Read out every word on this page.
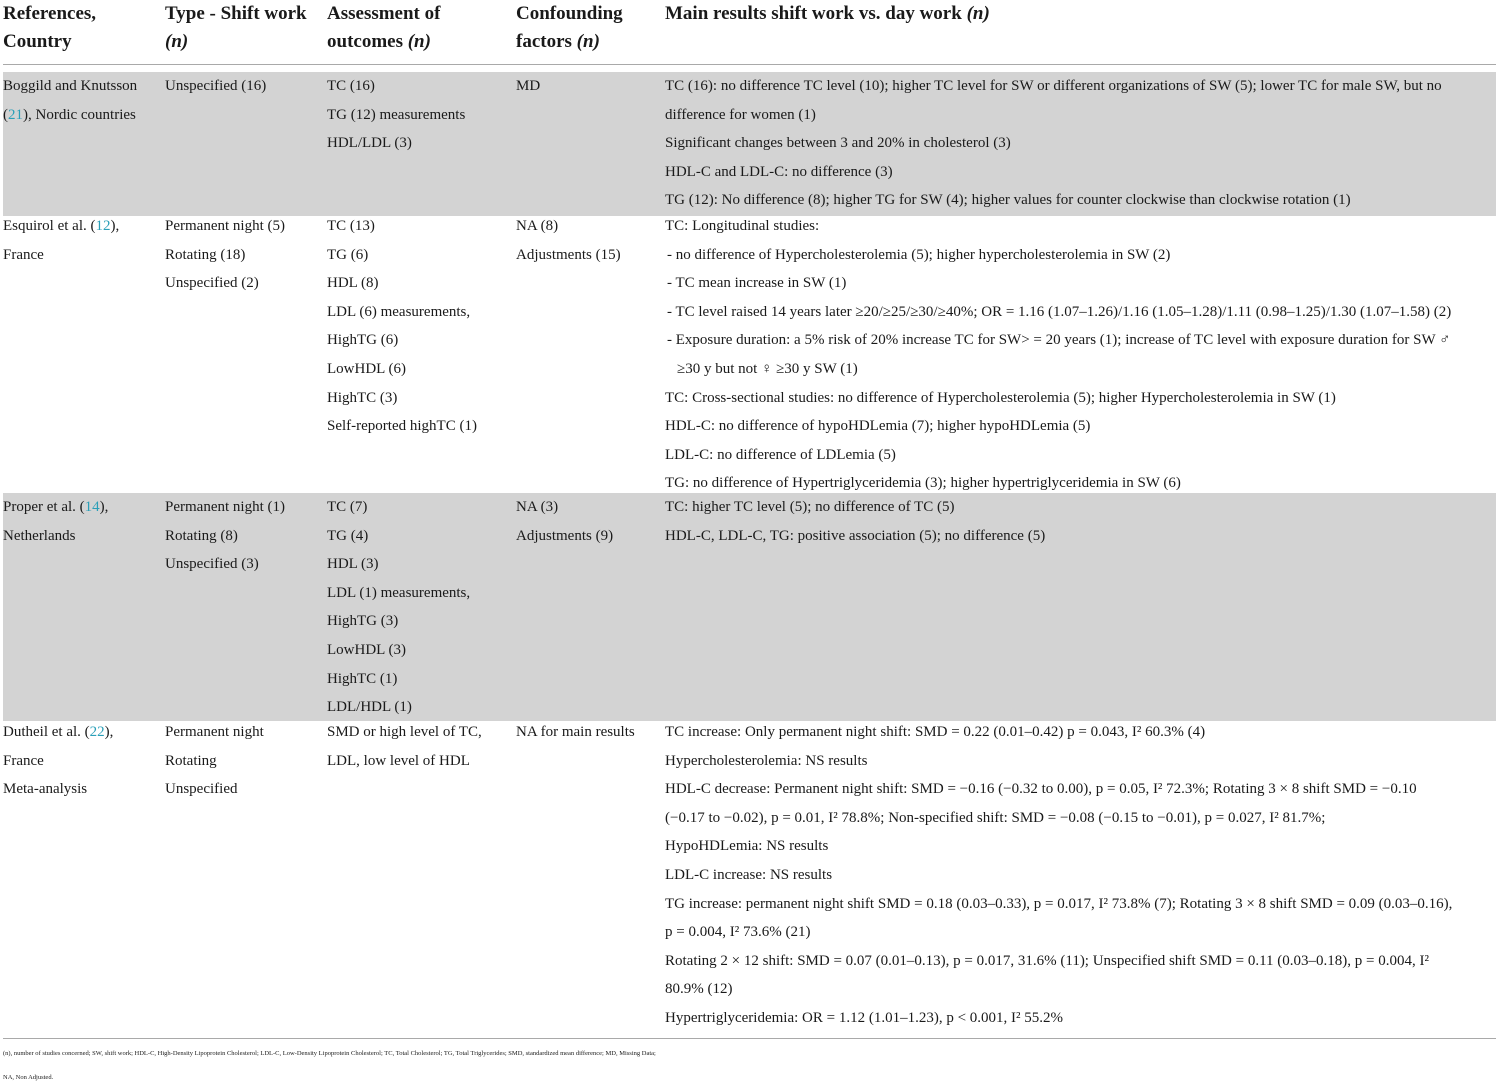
References,
Country
Type - Shift work
(n)
Assessment of
outcomes (n)
Confounding
factors (n)
Main results shift work vs. day work (n)
Boggild and Knutsson
(21), Nordic countries
Unspecified (16)	TC (16)
TG (12) measurements
HDL/LDL (3)
MD	TC (16): no difference TC level (10); higher TC level for SW or different organizations of SW (5); lower TC for male SW, but no
difference for women (1)
Significant changes between 3 and 20% in cholesterol (3)
HDL-C and LDL-C: no difference (3)
TG (12): No difference (8); higher TG for SW (4); higher values for counter clockwise than clockwise rotation (1)
Esquirol et al. (12),
France
Permanent night (5)
Rotating (18)
Unspecified (2)
TC (13)
TG (6)
HDL (8)
LDL (6) measurements,
HighTG (6)
LowHDL (6)
HighTC (3)
Self-reported highTC (1)
NA (8)
Adjustments (15)
TC: Longitudinal studies:
- no difference of Hypercholesterolemia (5); higher hypercholesterolemia in SW (2)
- TC mean increase in SW (1)
- TC level raised 14 years later ≥20/≥25/≥30/≥40%; OR = 1.16 (1.07–1.26)/1.16 (1.05–1.28)/1.11 (0.98–1.25)/1.30 (1.07–1.58) (2)
- Exposure duration: a 5% risk of 20% increase TC for SW> = 20 years (1); increase of TC level with exposure duration for SW ♂
≥30 y but not ♀ ≥30 y SW (1)
TC: Cross-sectional studies: no difference of Hypercholesterolemia (5); higher Hypercholesterolemia in SW (1)
HDL-C: no difference of hypoHDLemia (7); higher hypoHDLemia (5)
LDL-C: no difference of LDLemia (5)
TG: no difference of Hypertriglyceridemia (3); higher hypertriglyceridemia in SW (6)
Proper et al. (14),
Netherlands
Permanent night (1)
Rotating (8)
Unspecified (3)
TC (7)
TG (4)
HDL (3)
LDL (1) measurements,
HighTG (3)
LowHDL (3)
HighTC (1)
LDL/HDL (1)
NA (3)
Adjustments (9)
TC: higher TC level (5); no difference of TC (5)
HDL-C, LDL-C, TG: positive association (5); no difference (5)
Dutheil et al. (22),
France
Meta-analysis
Permanent night
Rotating
Unspecified
SMD or high level of TC,
LDL, low level of HDL
NA for main results TC increase: Only permanent night shift: SMD = 0.22 (0.01–0.42) p = 0.043, I² 60.3% (4)
Hypercholesterolemia: NS results
HDL-C decrease: Permanent night shift: SMD = −0.16 (−0.32 to 0.00), p = 0.05, I² 72.3%; Rotating 3 × 8 shift SMD = −0.10
(−0.17 to −0.02), p = 0.01, I² 78.8%; Non-specified shift: SMD = −0.08 (−0.15 to −0.01), p = 0.027, I² 81.7%;
HypoHDLemia: NS results
LDL-C increase: NS results
TG increase: permanent night shift SMD = 0.18 (0.03–0.33), p = 0.017, I² 73.8% (7); Rotating 3 × 8 shift SMD = 0.09 (0.03–0.16),
p = 0.004, I² 73.6% (21)
Rotating 2 × 12 shift: SMD = 0.07 (0.01–0.13), p = 0.017, 31.6% (11); Unspecified shift SMD = 0.11 (0.03–0.18), p = 0.004, I²
80.9% (12)
Hypertriglyceridemia: OR = 1.12 (1.01–1.23), p < 0.001, I² 55.2%
(n), number of studies concerned; SW, shift work; HDL-C, High-Density Lipoprotein Cholesterol; LDL-C, Low-Density Lipoprotein Cholesterol; TC, Total Cholesterol; TG, Total Triglycerides; SMD, standardized mean difference; MD, Missing Data;
NA, Non Adjusted.
